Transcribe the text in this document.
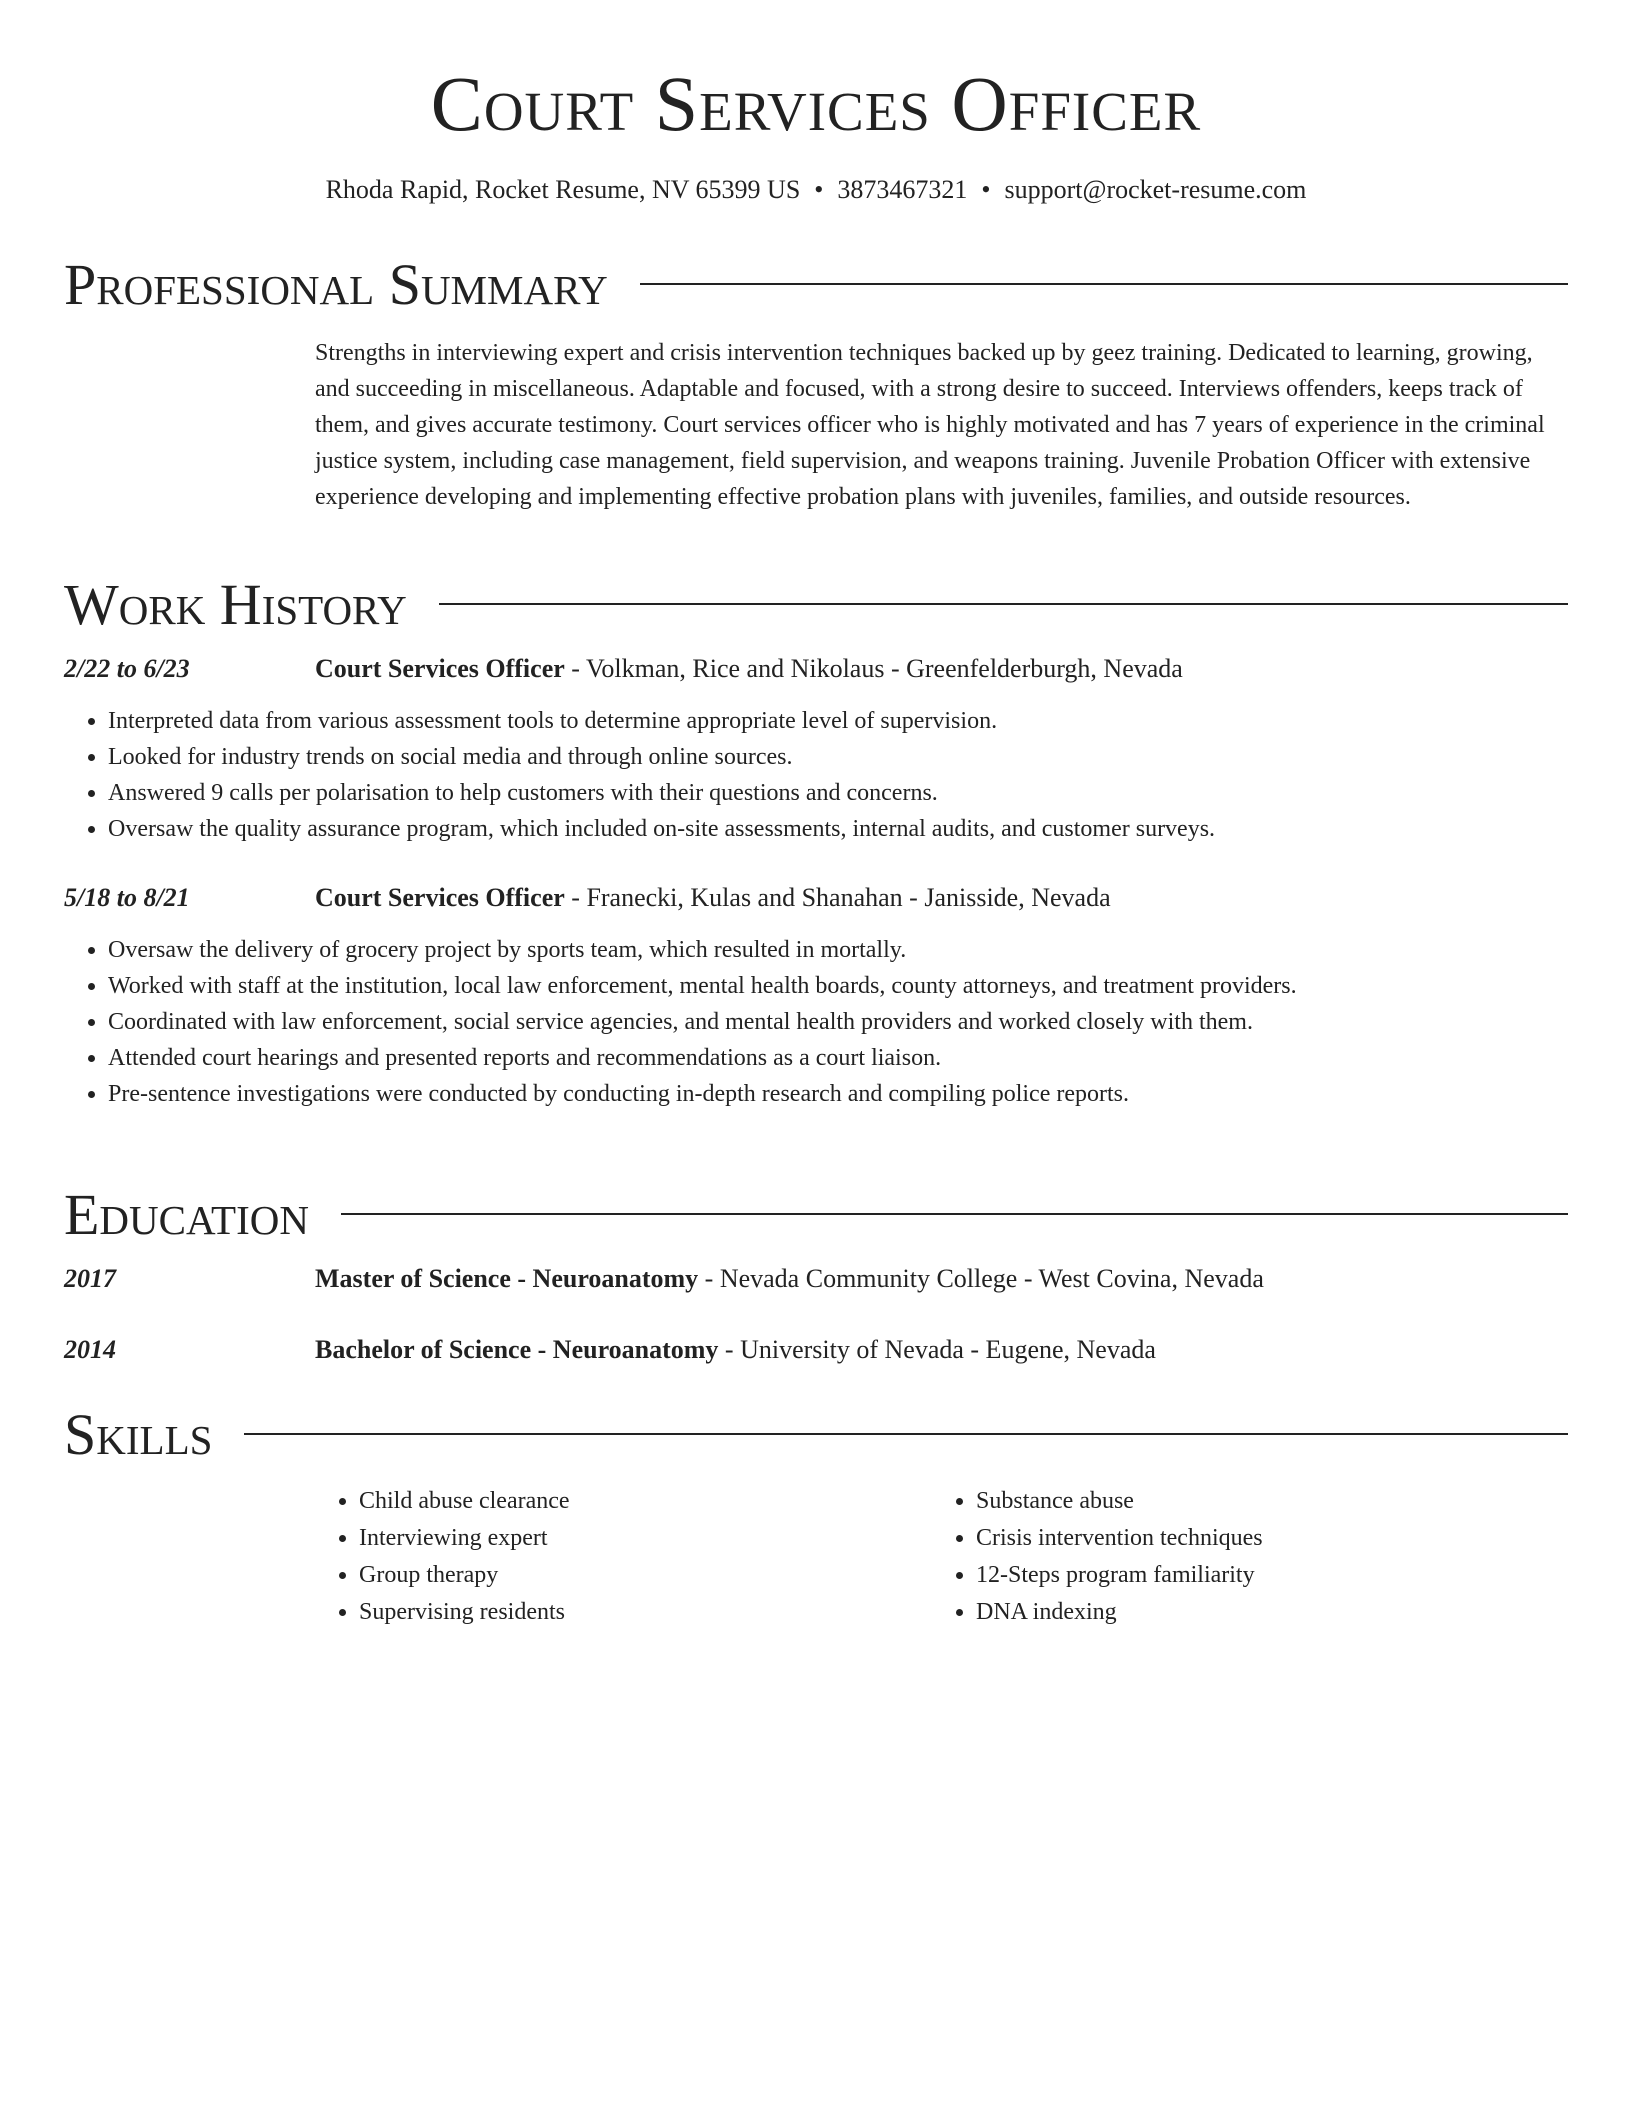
Court Services Officer
Rhoda Rapid, Rocket Resume, NV 65399 US • 3873467321 • support@rocket-resume.com
Professional Summary

Strengths in interviewing expert and crisis intervention techniques backed up by geez training. Dedicated to learning, growing, and succeeding in miscellaneous. Adaptable and focused, with a strong desire to succeed. Interviews offenders, keeps track of them, and gives accurate testimony. Court services officer who is highly motivated and has 7 years of experience in the criminal justice system, including case management, field supervision, and weapons training. Juvenile Probation Officer with extensive experience developing and implementing effective probation plans with juveniles, families, and outside resources.

Work History
2/22 to 6/23	Court Services Officer - Volkman, Rice and Nikolaus - Greenfelderburgh, Nevada
• Interpreted data from various assessment tools to determine appropriate level of supervision.
• Looked for industry trends on social media and through online sources.
• Answered 9 calls per polarisation to help customers with their questions and concerns.
• Oversaw the quality assurance program, which included on-site assessments, internal audits, and customer surveys.
5/18 to 8/21	Court Services Officer - Franecki, Kulas and Shanahan - Janisside, Nevada
• Oversaw the delivery of grocery project by sports team, which resulted in mortally.
• Worked with staff at the institution, local law enforcement, mental health boards, county attorneys, and treatment providers.
• Coordinated with law enforcement, social service agencies, and mental health providers and worked closely with them.
• Attended court hearings and presented reports and recommendations as a court liaison.
• Pre-sentence investigations were conducted by conducting in-depth research and compiling police reports.
Education
2017	Master of Science - Neuroanatomy - Nevada Community College - West Covina, Nevada
2014	Bachelor of Science - Neuroanatomy - University of Nevada - Eugene, Nevada
Skills
• Child abuse clearance
• Interviewing expert
• Group therapy
• Supervising residents
• Substance abuse
• Crisis intervention techniques
• 12-Steps program familiarity
• DNA indexing
